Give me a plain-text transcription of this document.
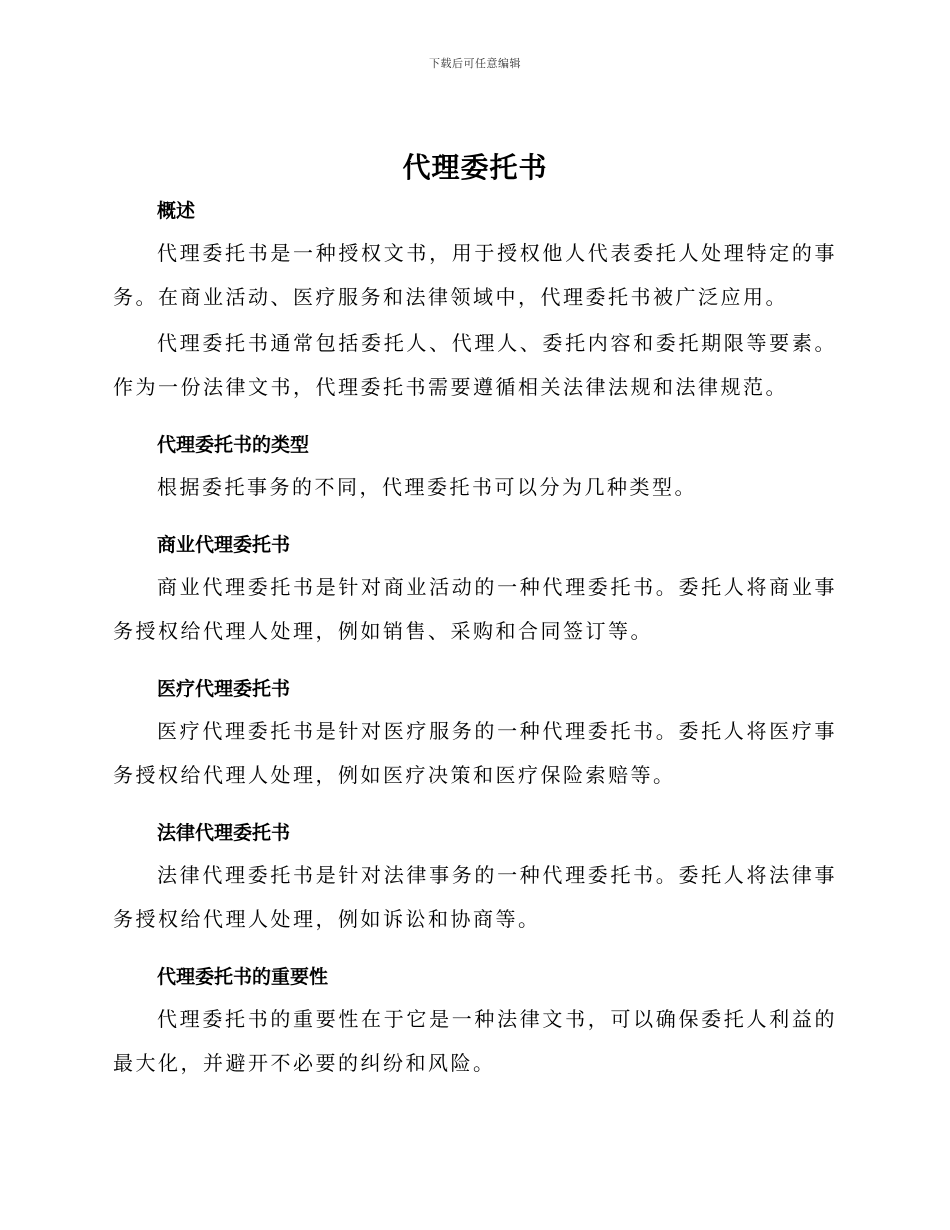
下载后可任意编辑
代理委托书
概述

代理委托书是一种授权文书，用于授权他人代表委托人处理特定的事务。在商业活动、医疗服务和法律领域中，代理委托书被广泛应用。

代理委托书通常包括委托人、代理人、委托内容和委托期限等要素。作为一份法律文书，代理委托书需要遵循相关法律法规和法律规范。

代理委托书的类型

根据委托事务的不同，代理委托书可以分为几种类型。

商业代理委托书

商业代理委托书是针对商业活动的一种代理委托书。委托人将商业事务授权给代理人处理，例如销售、采购和合同签订等。

医疗代理委托书

医疗代理委托书是针对医疗服务的一种代理委托书。委托人将医疗事务授权给代理人处理，例如医疗决策和医疗保险索赔等。

法律代理委托书

法律代理委托书是针对法律事务的一种代理委托书。委托人将法律事务授权给代理人处理，例如诉讼和协商等。

代理委托书的重要性

代理委托书的重要性在于它是一种法律文书，可以确保委托人利益的最大化，并避开不必要的纠纷和风险。
